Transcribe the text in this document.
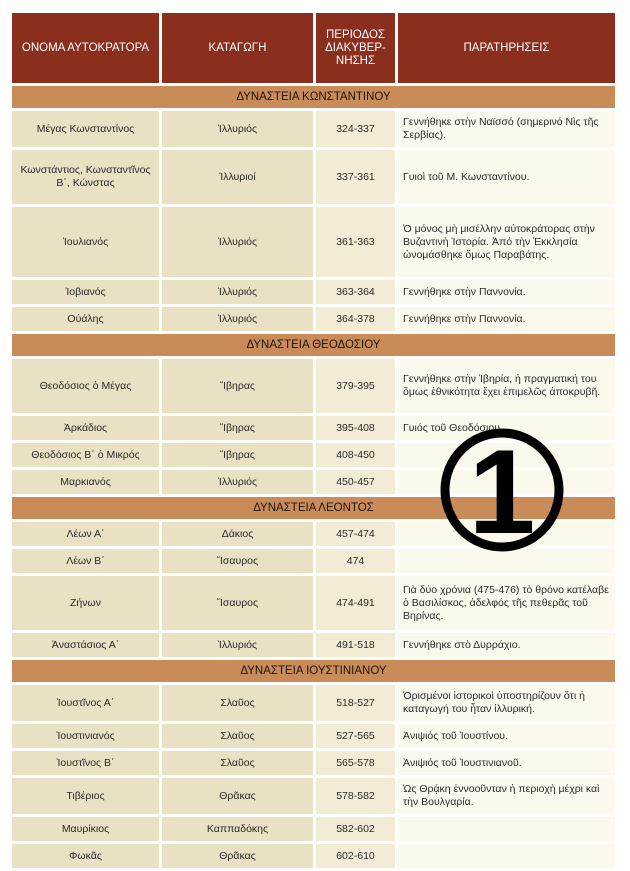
ΟΝΟΜΑ ΑΥΤΟΚΡΑΤΟΡΑ	ΚΑΤΑΓΩΓΗ	ΠΕΡΙΟΔΟΣ ΔΙΑΚΥΒΕΡ-ΝΗΣΗΣ	ΠΑΡΑΤΗΡΗΣΕΙΣ
ΔΥΝΑΣΤΕΙΑ ΚΩΝΣΤΑΝΤΙΝΟΥ			
Μέγας Κωνσταντίνος	Ἰλλυριός	324-337	Γεννήθηκε στὴν Ναϊσσό (σημερινό Νὶς τῆς Σερβίας).
Κωνστάντιος, Κωνσταντῖνος Β΄, Κώνστας	Ἰλλυριοί	337-361	Γυιοὶ τοῦ Μ. Κωνσταντίνου.
Ἰουλιανός	Ἰλλυριός	361-363	Ὁ μόνος μὴ μισέλλην αὐτοκράτορας στὴν Βυζαντινὴ Ἱστορία. Ἀπό τὴν Ἐκκλησία ὠνομάσθηκε ὅμως Παραβάτης.
Ἰοβιανός	Ἰλλυριός	363-364	Γεννήθηκε στὴν Παννονία.
Οὐάλης	Ἰλλυριός	364-378	Γεννήθηκε στὴν Παννονία.
ΔΥΝΑΣΤΕΙΑ ΘΕΟΔΟΣΙΟΥ			
Θεοδόσιος ὁ Μέγας	Ἴβηρας	379-395	Γεννήθηκε στὴν Ἰβηρία, ἡ πραγματική του ὅμως ἐθνικότητα ἔχει ἐπιμελῶς ἀποκρυβῆ.
Ἀρκάδιος	Ἴβηρας	395-408	Γυιός τοῦ Θεοδόσιου.
Θεοδόσιος Β΄ ὁ Μικρός	Ἴβηρας	408-450	
Μαρκιανός	Ἰλλυριός	450-457	
ΔΥΝΑΣΤΕΙΑ ΛΕΟΝΤΟΣ			
Λέων Α΄	Δάκιος	457-474	
Λέων Β΄	Ἴσαυρος	474	
Ζήνων	Ἴσαυρος	474-491	Γιὰ δύο χρόνια (475-476) τὸ θρόνο κατέλαβε ὁ Βασιλίσκος, ἀδελφός τῆς πεθερᾶς τοῦ Βηρίνας.
Ἀναστάσιος Α΄	Ἰλλυριός	491-518	Γεννήθηκε στὸ Δυρράχιο.
ΔΥΝΑΣΤΕΙΑ ΙΟΥΣΤΙΝΙΑΝΟΥ			
Ἰουστῖνος Α΄	Σλαῦος	518-527	Ὁρισμένοι ἱστορικοὶ ὑποστηρίζουν ὅτι ἡ καταγωγή του ἦταν ἰλλυρική.
Ἰουστινιανός	Σλαῦος	527-565	Ἀνιψιός τοῦ Ἰουστίνου.
Ἰουστῖνος Β΄	Σλαῦος	565-578	Ἀνιψιός τοῦ Ἰουστινιανοῦ.
Τιβέριος	Θρᾶκας	578-582	Ὡς Θρᾴκη ἐννοοῦνταν ἡ περιοχὴ μέχρι καὶ τὴν Βουλγαρία.
Μαυρίκιος	Καππαδόκης	582-602	
Φωκᾶς	Θρᾶκας	602-610	
1
